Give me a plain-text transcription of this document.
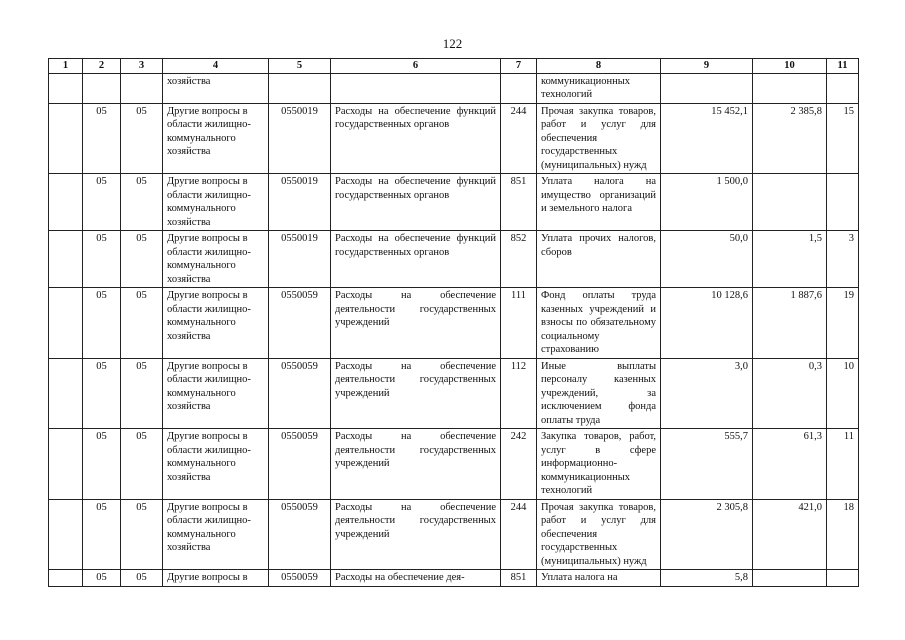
122
1	2	3	4	5	6	7	8	9	10	11
			хозяйства				коммуникационных технологий			
	05	05	Другие вопросы в области жилищно-коммунального хозяйства	0550019	Расходы на обеспечение функций государственных органов	244	Прочая закупка товаров, работ и услуг для обеспечения государственных (муниципальных) нужд	15 452,1	2 385,8	15
	05	05	Другие вопросы в области жилищно-коммунального хозяйства	0550019	Расходы на обеспечение функций государственных органов	851	Уплата налога на имущество организаций и земельного налога	1 500,0		
	05	05	Другие вопросы в области жилищно-коммунального хозяйства	0550019	Расходы на обеспечение функций государственных органов	852	Уплата прочих налогов, сборов	50,0	1,5	3
	05	05	Другие вопросы в области жилищно-коммунального хозяйства	0550059	Расходы на обеспечение деятельности государственных учреждений	111	Фонд оплаты труда казенных учреждений и взносы по обязательному социальному страхованию	10 128,6	1 887,6	19
	05	05	Другие вопросы в области жилищно-коммунального хозяйства	0550059	Расходы на обеспечение деятельности государственных учреждений	112	Иные выплаты персоналу казенных учреждений, за исключением фонда оплаты труда	3,0	0,3	10
	05	05	Другие вопросы в области жилищно-коммунального хозяйства	0550059	Расходы на обеспечение деятельности государственных учреждений	242	Закупка товаров, работ, услуг в сфере информационно-коммуникационных технологий	555,7	61,3	11
	05	05	Другие вопросы в области жилищно-коммунального хозяйства	0550059	Расходы на обеспечение деятельности государственных учреждений	244	Прочая закупка товаров, работ и услуг для обеспечения государственных (муниципальных) нужд	2 305,8	421,0	18
	05	05	Другие вопросы в	0550059	Расходы на обеспечение дея-	851	Уплата налога на	5,8		
